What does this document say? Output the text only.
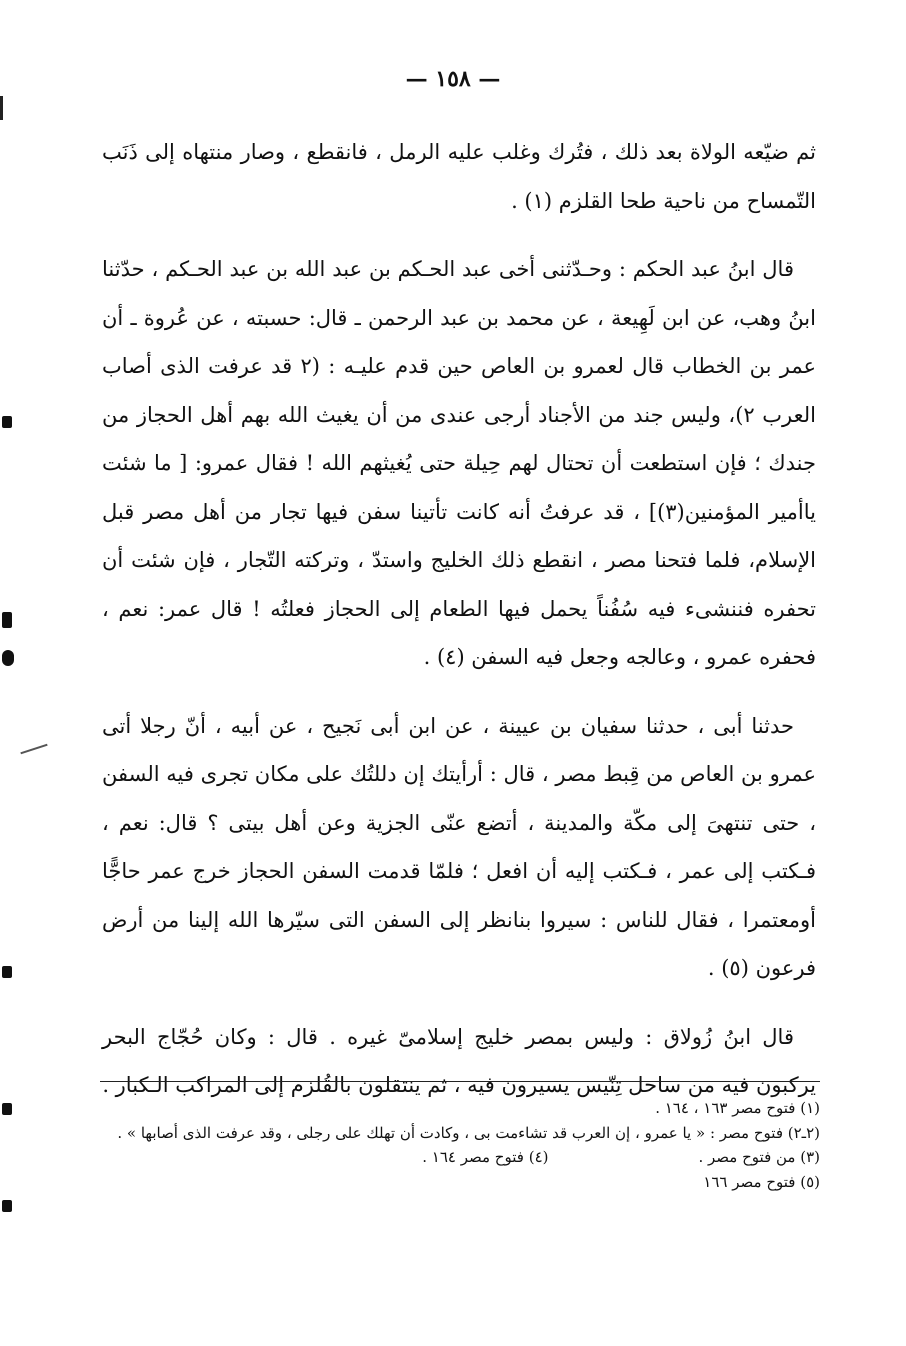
— ١٥٨ —

ثم ضيّعه الولاة بعد ذلك ، فتُرك وغلب عليه الرمل ، فانقطع ، وصار منتهاه إلى ذَنَب التّمساح من ناحية طحا القلزم (١) .

قال ابنُ عبد الحكم : وحـدّثنى أخى عبد الحـكم بن عبد الله بن عبد الحـكم ، حدّثنا ابنُ وهب، عن ابن لَهِيعة ، عن محمد بن عبد الرحمن ـ قال: حسبته ، عن عُروة ـ أن عمر بن الخطاب قال لعمرو بن العاص حين قدم عليـه : (٢ قد عرفت الذى أصاب العرب ٢)، وليس جند من الأجناد أرجى عندى من أن يغيث الله بهم أهل الحجاز من جندك ؛ فإن استطعت أن تحتال لهم حِيلة حتى يُغيثهم الله ! فقال عمرو: [ ما شئت ياأمير المؤمنين(٣)] ، قد عرفتُ أنه كانت تأتينا سفن فيها تجار من أهل مصر قبل الإسلام، فلما فتحنا مصر ، انقطع ذلك الخليج واستدّ ، وتركته التّجار ، فإن شئت أن تحفره فننشىء فيه سُفُناً يحمل فيها الطعام إلى الحجاز فعلتُه ! قال عمر: نعم ، فحفره عمرو ، وعالجه وجعل فيه السفن (٤) .

حدثنا أبى ، حدثنا سفيان بن عيينة ، عن ابن أبى نَجيح ، عن أبيه ، أنّ رجلا أتى عمرو بن العاص من قِبط مصر ، قال : أرأيتك إن دللتُك على مكان تجرى فيه السفن ، حتى تنتهىَ إلى مكّة والمدينة ، أتضع عنّى الجزية وعن أهل بيتى ؟ قال: نعم ، فـكتب إلى عمر ، فـكتب إليه أن افعل ؛ فلمّا قدمت السفن الحجاز خرج عمر حاجًّا أومعتمرا ، فقال للناس : سيروا بنانظر إلى السفن التى سيّرها الله إلينا من أرض فرعون (٥) .

قال ابنُ زُولاق : وليس بمصر خليج إسلامىّ غيره . قال : وكان حُجّاج البحر يركبون فيه من ساحل تِنّيس يسيرون فيه ، ثم ينتقلون بالقُلزم إلى المراكب الـكبار .

(١) فتوح مصر ١٦٣ ، ١٦٤ .

(٢ـ٢) فتوح مصر : « يا عمرو ، إن العرب قد تشاءمت بى ، وكادت أن تهلك على رجلى ، وقد عرفت الذى أصابها » .

(٣) من فتوح مصر .

(٤) فتوح مصر ١٦٤ .

(٥) فتوح مصر ١٦٦
